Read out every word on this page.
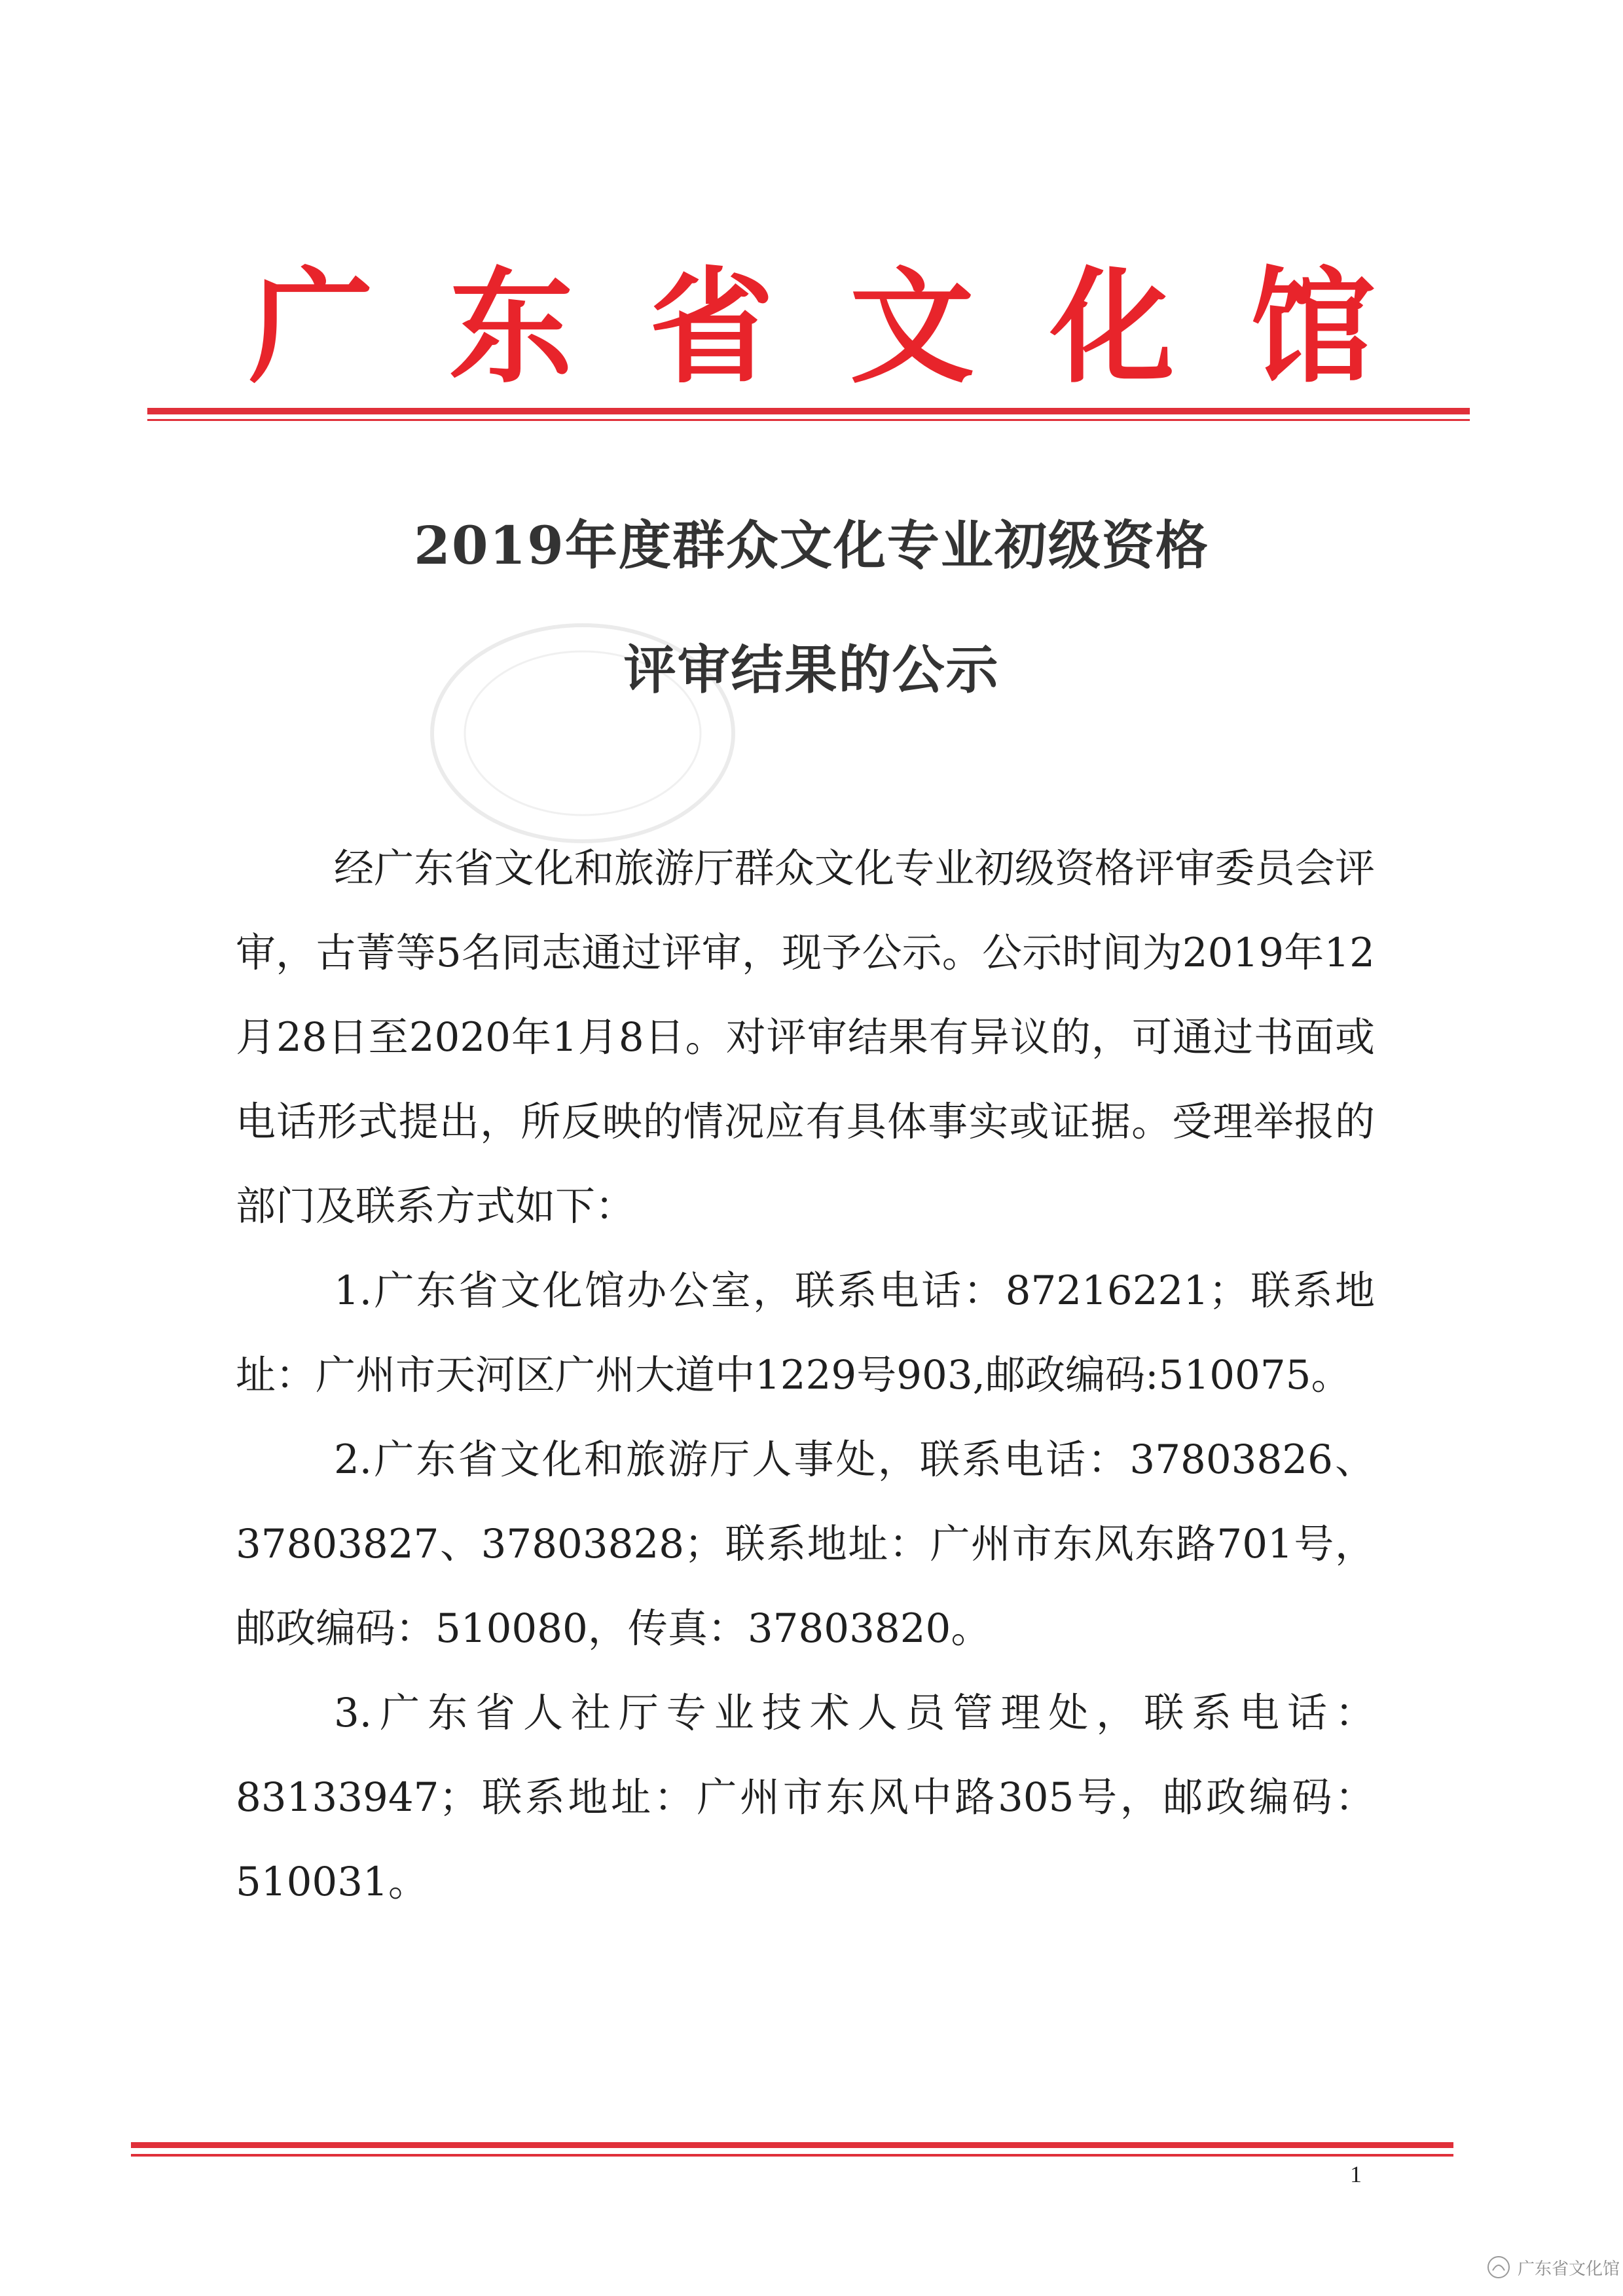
广 东 省 文 化 馆
2019年度群众文化专业初级资格
评审结果的公示

经广东省文化和旅游厅群众文化专业初级资格评审委员会评审，古菁等5名同志通过评审，现予公示。公示时间为2019年12月28日至2020年1月8日。对评审结果有异议的，可通过书面或电话形式提出，所反映的情况应有具体事实或证据。受理举报的部门及联系方式如下：

1.广东省文化馆办公室，联系电话：87216221；联系地址：广州市天河区广州大道中1229号903,邮政编码:510075。

2.广东省文化和旅游厅人事处，联系电话：37803826、37803827、37803828；联系地址：广州市东风东路701号，邮政编码：510080，传真：37803820。

3.广东省人社厅专业技术人员管理处，联系电话：83133947；联系地址：广州市东风中路305号，邮政编码：510031。

1
广东省文化馆
